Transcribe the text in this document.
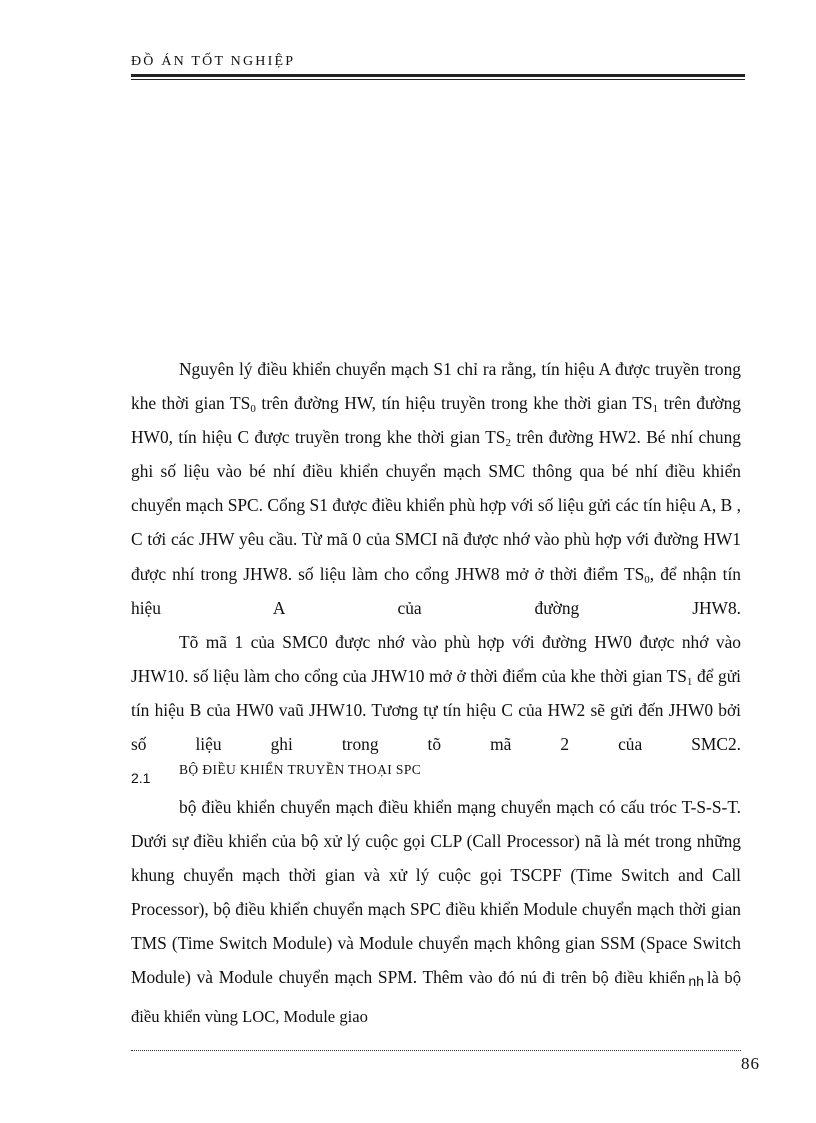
ĐỒ ÁN TỐT NGHIỆP

Nguyên lý điều khiển chuyển mạch S1 chỉ ra rằng, tín hiệu A được truyền trong khe thời gian $TS_0$ trên đường HW, tín hiệu truyền trong khe thời gian $TS_1$ trên đường HW0, tín hiệu C được truyền trong khe thời gian $TS_2$ trên đường HW2. Bé nhí chung ghi số liệu vào bé nhí điều khiển chuyển mạch SMC thông qua bé nhí điều khiển chuyển mạch SPC. Cổng S1 được điều khiển phù hợp với số liệu gửi các tín hiệu A, B , C tới các JHW yêu cầu. Từ mã 0 của SMCI nã được nhớ vào phù hợp với đường HW1 được nhí trong JHW8. số liệu làm cho cổng JHW8 mở ở thời điểm $TS_0$, để nhận tín hiệu A của đường JHW8.

Tõ mã 1 của SMC0 được nhớ vào phù hợp với đường HW0 được nhớ vào JHW10. số liệu làm cho cổng của JHW10 mở ở thời điểm của khe thời gian $TS_1$ để gửi tín hiệu B của HW0 vaũ JHW10. Tương tự tín hiệu C của HW2 sẽ gửi đến JHW0 bởi số liệu ghi trong tõ mã 2 của SMC2.

2.1
BỘ ĐIỀU KHIỂN TRUYỀN THOẠI SPC

bộ điều khiển chuyển mạch điều khiển mạng chuyển mạch có cấu tróc T-S-S-T. Dưới sự điều khiển của bộ xử lý cuộc gọi CLP (Call Processor) nã là mét trong những khung chuyển mạch thời gian và xử lý cuộc gọi TSCPF (Time Switch and Call Processor), bộ điều khiển chuyển mạch SPC điều khiển Module chuyển mạch thời gian TMS (Time Switch Module) và Module chuyển mạch không gian SSM (Space Switch Module) và Module chuyển mạch SPM. Thêm vào đó nú đi trên bộ điều khiển nh là bộ điều khiển vùng LOC, Module giao

86
